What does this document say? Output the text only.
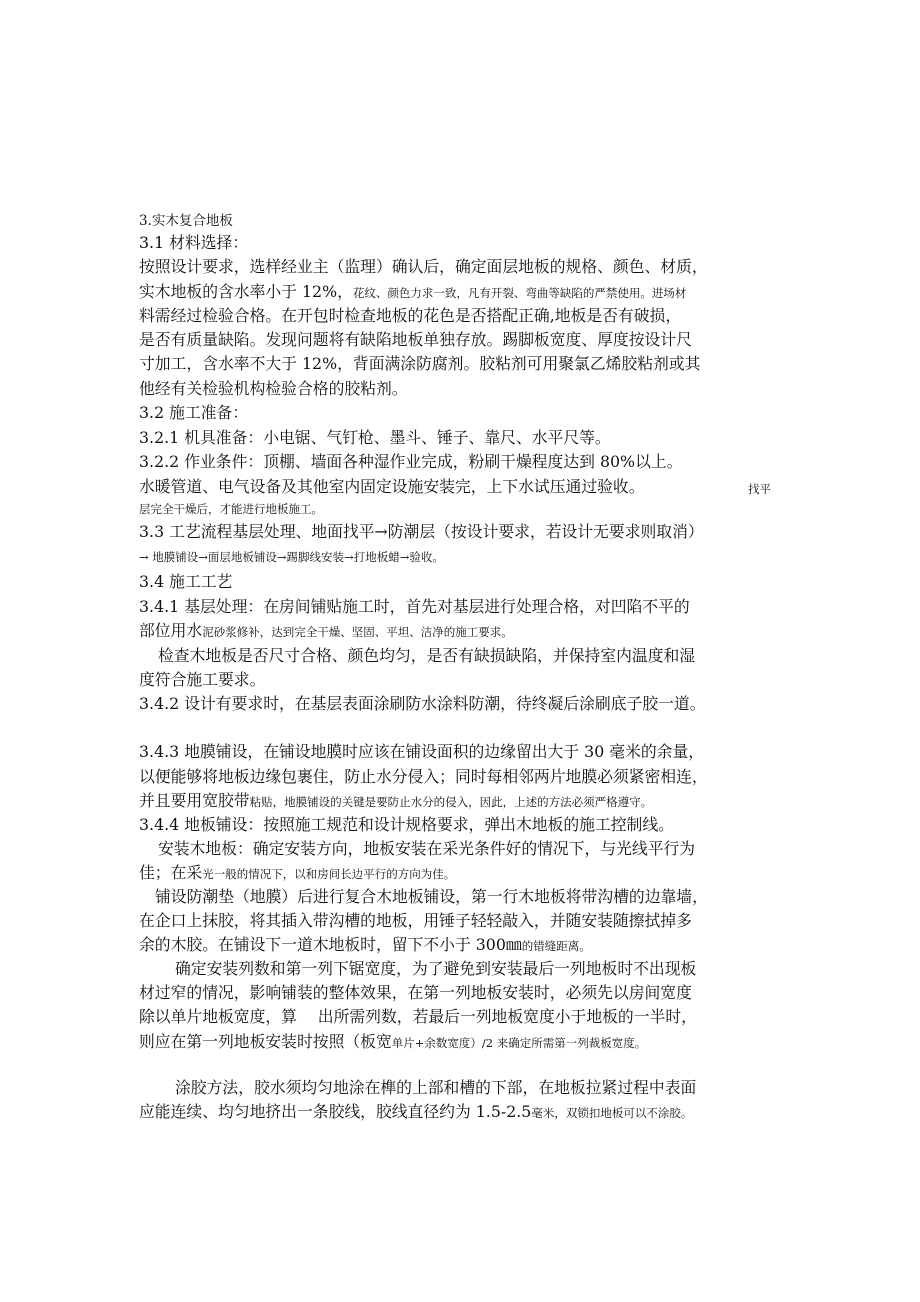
3.实木复合地板
3.1 材料选择：
按照设计要求，选样经业主（监理）确认后，确定面层地板的规格、颜色、材质，
实木地板的含水率小于 12%，花纹、颜色力求一致，凡有开裂、弯曲等缺陷的严禁使用。进场材
料需经过检验合格。在开包时检查地板的花色是否搭配正确,地板是否有破损，
是否有质量缺陷。发现问题将有缺陷地板单独存放。踢脚板宽度、厚度按设计尺
寸加工，含水率不大于 12%，背面满涂防腐剂。胶粘剂可用聚氯乙烯胶粘剂或其
他经有关检验机构检验合格的胶粘剂。
3.2 施工准备：
3.2.1 机具准备：小电锯、气钉枪、墨斗、锤子、靠尺、水平尺等。
3.2.2 作业条件：顶棚、墙面各种湿作业完成，粉刷干燥程度达到 80%以上。
水暖管道、电气设备及其他室内固定设施安装完，上下水试压通过验收。	找平
层完全干燥后，才能进行地板施工。
3.3 工艺流程基层处理、地面找平→防潮层（按设计要求，若设计无要求则取消）
→ 地膜铺设→面层地板铺设→踢脚线安装→打地板蜡→验收。
3.4 施工工艺
3.4.1 基层处理：在房间铺贴施工时，首先对基层进行处理合格，对凹陷不平的
部位用水泥砂浆修补，达到完全干燥、坚固、平坦、洁净的施工要求。
检查木地板是否尺寸合格、颜色均匀，是否有缺损缺陷，并保持室内温度和湿
度符合施工要求。
3.4.2 设计有要求时，在基层表面涂刷防水涂料防潮，待终凝后涂刷底子胶一道。
3.4.3 地膜铺设，在铺设地膜时应该在铺设面积的边缘留出大于 30 毫米的余量，
以便能够将地板边缘包裹住，防止水分侵入；同时每相邻两片地膜必须紧密相连，
并且要用宽胶带粘贴，地膜铺设的关键是要防止水分的侵入，因此，上述的方法必须严格遵守。
3.4.4 地板铺设：按照施工规范和设计规格要求，弹出木地板的施工控制线。
安装木地板：确定安装方向，地板安装在采光条件好的情况下，与光线平行为
佳；在采光一般的情况下，以和房间长边平行的方向为佳。
铺设防潮垫（地膜）后进行复合木地板铺设，第一行木地板将带沟槽的边靠墙，
在企口上抹胶，将其插入带沟槽的地板，用锤子轻轻敲入，并随安装随擦拭掉多
余的木胶。在铺设下一道木地板时，留下不小于 300㎜的错缝距离。
确定安装列数和第一列下锯宽度，为了避免到安装最后一列地板时不出现板
材过窄的情况，影响铺装的整体效果，在第一列地板安装时，必须先以房间宽度
除以单片地板宽度，算　 出所需列数，若最后一列地板宽度小于地板的一半时，
则应在第一列地板安装时按照（板宽单片+余数宽度）/2 来确定所需第一列裁板宽度。
涂胶方法，胶水须均匀地涂在榫的上部和槽的下部，在地板拉紧过程中表面
应能连续、均匀地挤出一条胶线，胶线直径约为 1.5-2.5毫米，双锁扣地板可以不涂胶。
